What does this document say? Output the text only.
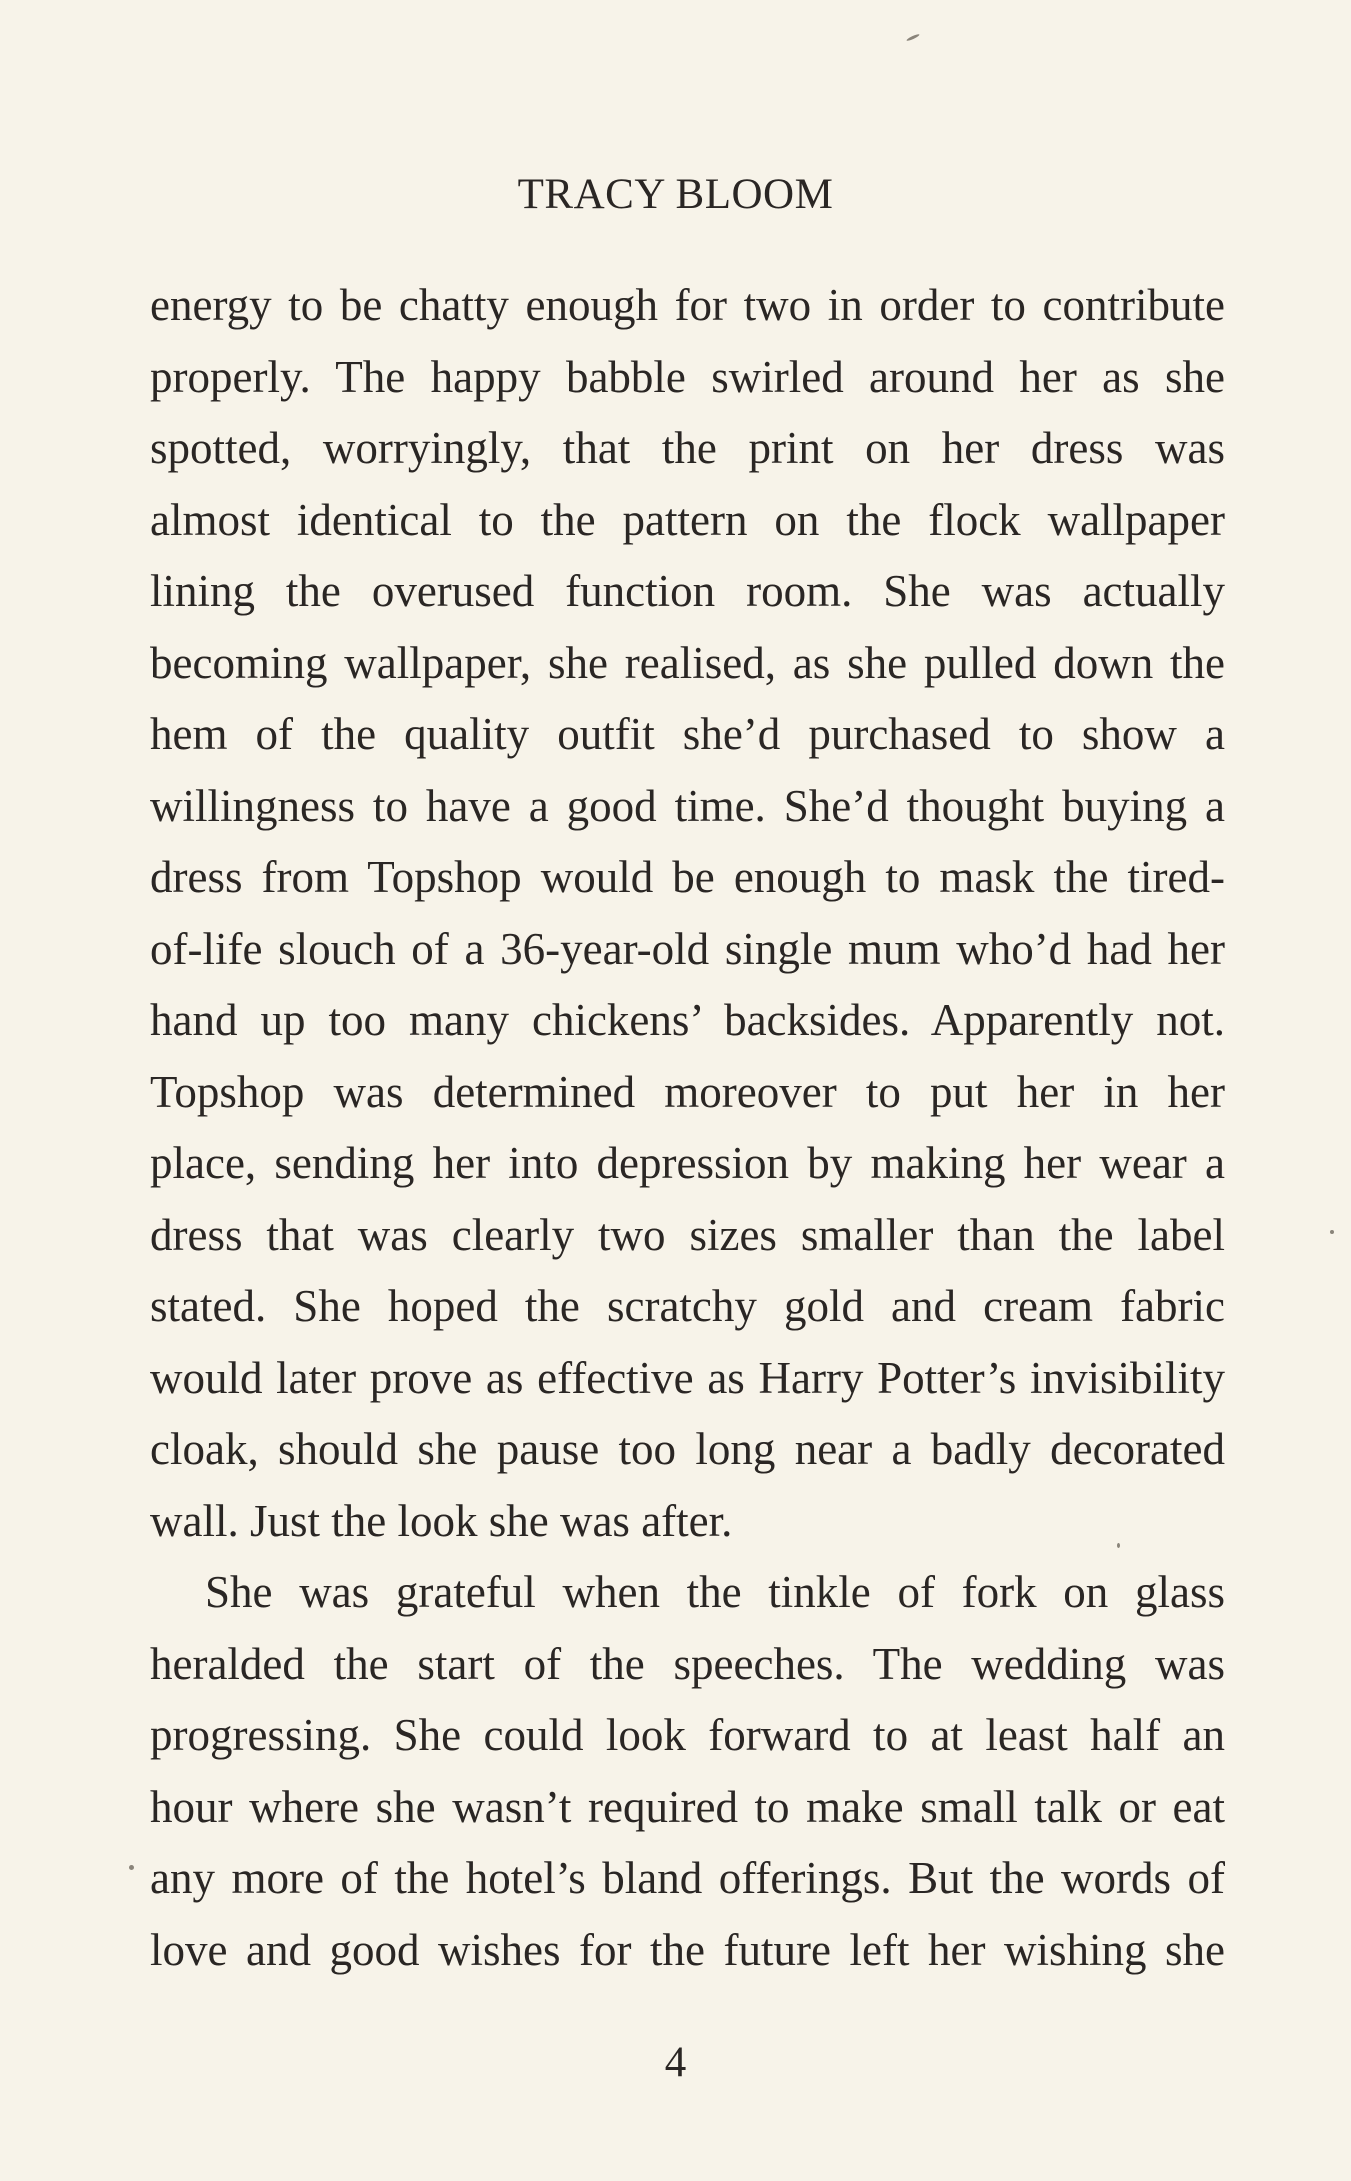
TRACY BLOOM
energy to be chatty enough for two in order to contribute
properly. The happy babble swirled around her as she
spotted, worryingly, that the print on her dress was
almost identical to the pattern on the flock wallpaper
lining the overused function room. She was actually
becoming wallpaper, she realised, as she pulled down the
hem of the quality outfit she’d purchased to show a
willingness to have a good time. She’d thought buying a
dress from Topshop would be enough to mask the tired-
of-life slouch of a 36-year-old single mum who’d had her
hand up too many chickens’ backsides. Apparently not.
Topshop was determined moreover to put her in her
place, sending her into depression by making her wear a
dress that was clearly two sizes smaller than the label
stated. She hoped the scratchy gold and cream fabric
would later prove as effective as Harry Potter’s invisibility
cloak, should she pause too long near a badly decorated
wall. Just the look she was after.
She was grateful when the tinkle of fork on glass
heralded the start of the speeches. The wedding was
progressing. She could look forward to at least half an
hour where she wasn’t required to make small talk or eat
any more of the hotel’s bland offerings. But the words of
love and good wishes for the future left her wishing she
4
